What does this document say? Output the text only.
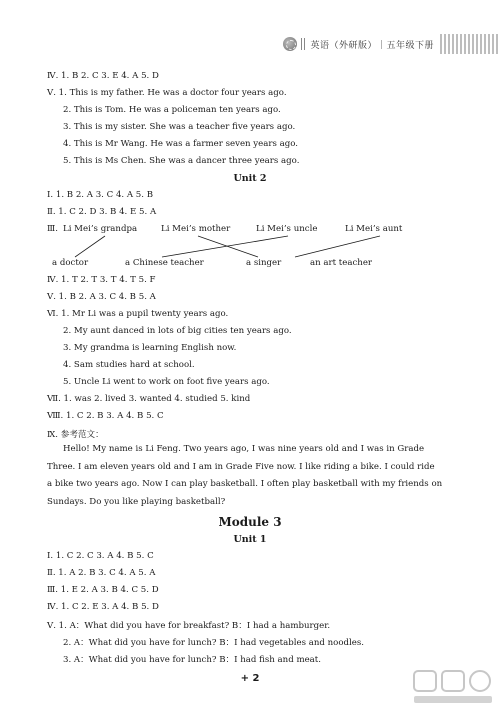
英语（外研版）｜五年级下册
Ⅳ. 1. B 2. C 3. E 4. A 5. D
Ⅴ. 1. This is my father. He was a doctor four years ago.
2. This is Tom. He was a policeman ten years ago.
3. This is my sister. She was a teacher five years ago.
4. This is Mr Wang. He was a farmer seven years ago.
5. This is Ms Chen. She was a dancer three years ago.
Unit 2
Ⅰ. 1. B 2. A 3. C 4. A 5. B
Ⅱ. 1. C 2. D 3. B 4. E 5. A
Ⅲ. Li Mei’s grandpa	Li Mei’s mother	Li Mei’s uncle	Li Mei’s aunt
a doctor	a Chinese teacher	a singer	an art teacher
Ⅳ. 1. T 2. T 3. T 4. T 5. F
Ⅴ. 1. B 2. A 3. C 4. B 5. A
Ⅵ. 1. Mr Li was a pupil twenty years ago.
2. My aunt danced in lots of big cities ten years ago.
3. My grandma is learning English now.
4. Sam studies hard at school.
5. Uncle Li went to work on foot five years ago.
Ⅶ. 1. was 2. lived 3. wanted 4. studied 5. kind
Ⅷ. 1. C 2. B 3. A 4. B 5. C
Ⅸ. 参考范文：

Hello! My name is Li Feng. Two years ago, I was nine years old and I was in Grade

Three. I am eleven years old and I am in Grade Five now. I like riding a bike. I could ride

a bike two years ago. Now I can play basketball. I often play basketball with my friends on

Sundays. Do you like playing basketball?

Module 3
Unit 1
Ⅰ. 1. C 2. C 3. A 4. B 5. C
Ⅱ. 1. A 2. B 3. C 4. A 5. A
Ⅲ. 1. E 2. A 3. B 4. C 5. D
Ⅳ. 1. C 2. E 3. A 4. B 5. D
Ⅴ. 1. A：What did you have for breakfast? B：I had a hamburger.
2. A：What did you have for lunch? B：I had vegetables and noodles.
3. A：What did you have for lunch? B：I had fish and meat.
+ 2
